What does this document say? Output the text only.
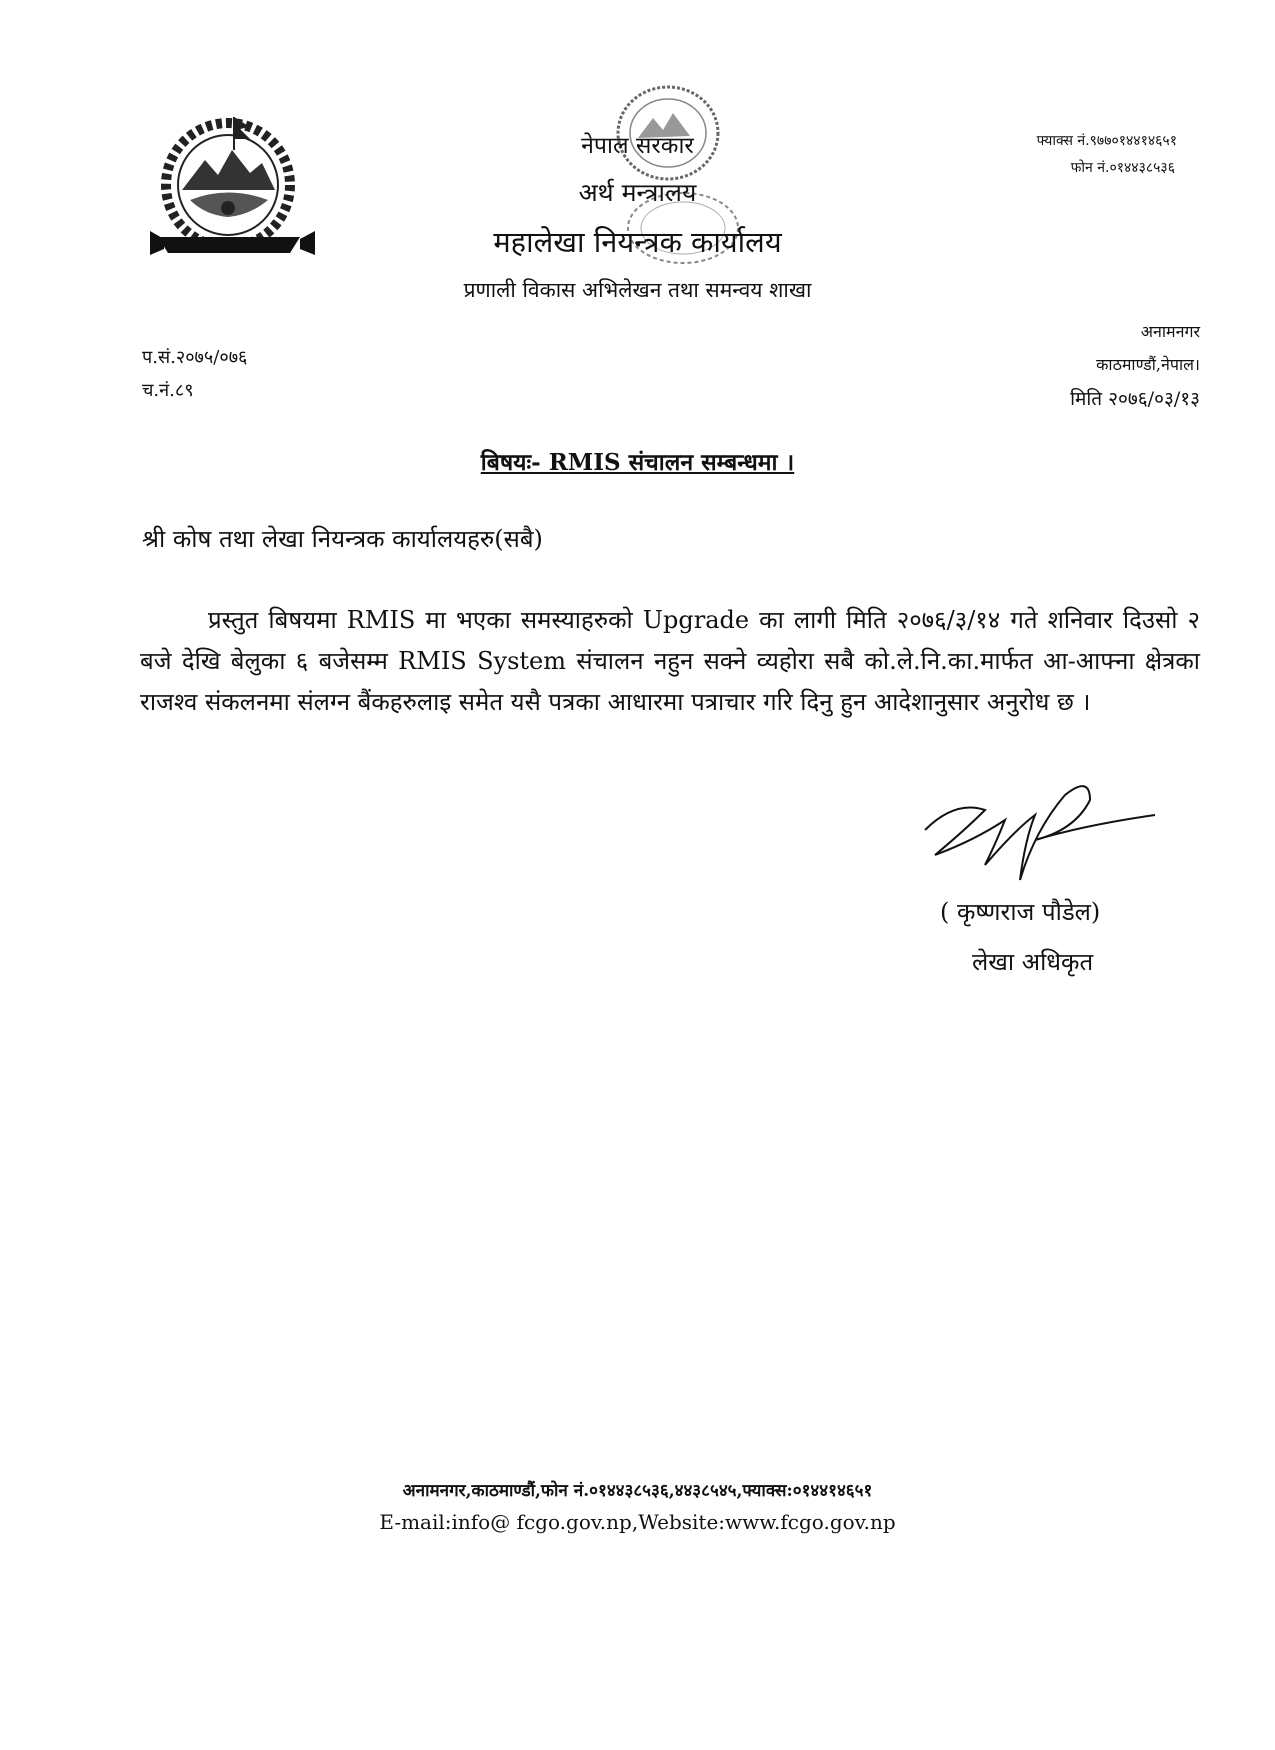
नेपाल सरकार

अर्थ मन्त्रालय

महालेखा नियन्त्रक कार्यालय

प्रणाली विकास अभिलेखन तथा समन्वय शाखा

फ्याक्स नं.९७७०१४४१४६५१
फोन नं.०१४४३८५३६
प.सं.२०७५/०७६
च.नं.८९
अनामनगर
काठमाण्डौं,नेपाल।
मिति २०७६/०३/१३
बिषयः- RMIS संचालन सम्बन्धमा ।
श्री कोष तथा लेखा नियन्त्रक कार्यालयहरु(सबै)

प्रस्तुत बिषयमा RMIS मा भएका समस्याहरुको Upgrade का लागी मिति २०७६/३/१४ गते शनिवार दिउसो २ बजे देखि बेलुका ६ बजेसम्म RMIS System संचालन नहुन सक्ने व्यहोरा सबै को.ले.नि.का.मार्फत आ-आफ्ना क्षेत्रका राजश्व संकलनमा संलग्न बैंकहरुलाइ समेत यसै पत्रका आधारमा पत्राचार गरि दिनु हुन आदेशानुसार अनुरोध छ ।

( कृष्णराज पौडेल)
लेखा अधिकृत

अनामनगर,काठमाण्डौं,फोन नं.०१४४३८५३६,४४३८५४५,फ्याक्स:०१४४१४६५१

E-mail:info@ fcgo.gov.np,Website:www.fcgo.gov.np
